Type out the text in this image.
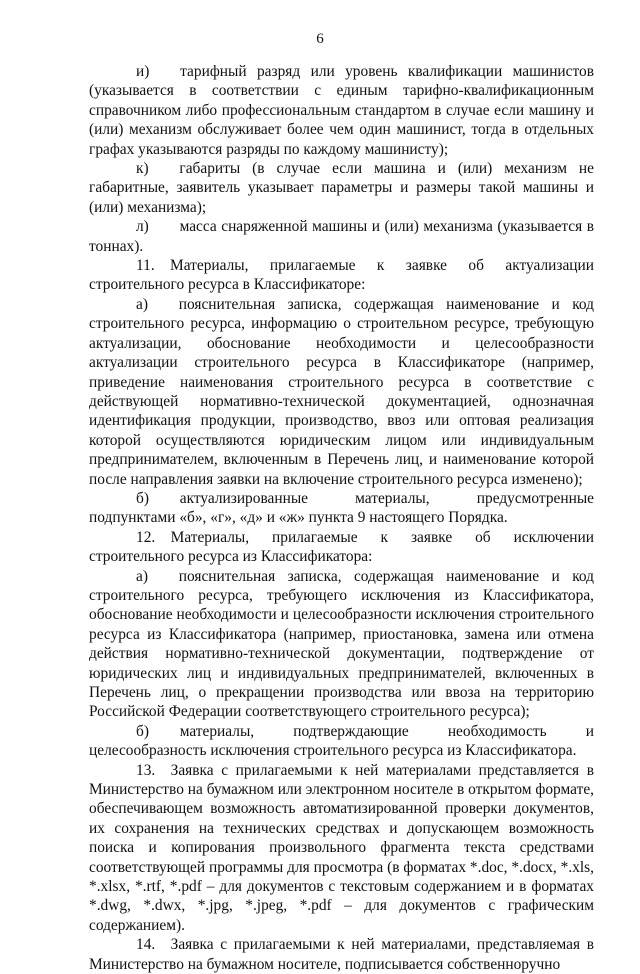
6

и)  тарифный разряд или уровень квалификации машинистов (указывается в соответствии с единым тарифно-квалификационным справочником либо профессиональным стандартом в случае если машину и (или) механизм обслуживает более чем один машинист, тогда в отдельных графах указываются разряды по каждому машинисту);

к)  габариты (в случае если машина и (или) механизм не габаритные, заявитель указывает параметры и размеры такой машины и (или) механизма);

л)  масса снаряженной машины и (или) механизма (указывается в тоннах).

11. Материалы, прилагаемые к заявке об актуализации строительного ресурса в Классификаторе:

а)  пояснительная записка, содержащая наименование и код строительного ресурса, информацию о строительном ресурсе, требующую актуализации, обоснование необходимости и целесообразности актуализации строительного ресурса в Классификаторе (например, приведение наименования строительного ресурса в соответствие с действующей нормативно-технической документацией, однозначная идентификация продукции, производство, ввоз или оптовая реализация которой осуществляются юридическим лицом или индивидуальным предпринимателем, включенным в Перечень лиц, и наименование которой после направления заявки на включение строительного ресурса изменено);

б)  актуализированные материалы, предусмотренные подпунктами «б», «г», «д» и «ж» пункта 9 настоящего Порядка.

12. Материалы, прилагаемые к заявке об исключении строительного ресурса из Классификатора:

а)  пояснительная записка, содержащая наименование и код строительного ресурса, требующего исключения из Классификатора, обоснование необходимости и целесообразности исключения строительного ресурса из Классификатора (например, приостановка, замена или отмена действия нормативно-технической документации, подтверждение от юридических лиц и индивидуальных предпринимателей, включенных в Перечень лиц, о прекращении производства или ввоза на территорию Российской Федерации соответствующего строительного ресурса);

б)  материалы, подтверждающие необходимость и целесообразность исключения строительного ресурса из Классификатора.

13. Заявка с прилагаемыми к ней материалами представляется в Министерство на бумажном или электронном носителе в открытом формате, обеспечивающем возможность автоматизированной проверки документов, их сохранения на технических средствах и допускающем возможность поиска и копирования произвольного фрагмента текста средствами соответствующей программы для просмотра (в форматах *.doc, *.docx, *.xls, *.xlsx, *.rtf, *.pdf – для документов с текстовым содержанием и в форматах *.dwg, *.dwx, *.jpg, *.jpeg, *.pdf – для документов с графическим содержанием).

14. Заявка с прилагаемыми к ней материалами, представляемая в Министерство на бумажном носителе, подписывается собственноручно
